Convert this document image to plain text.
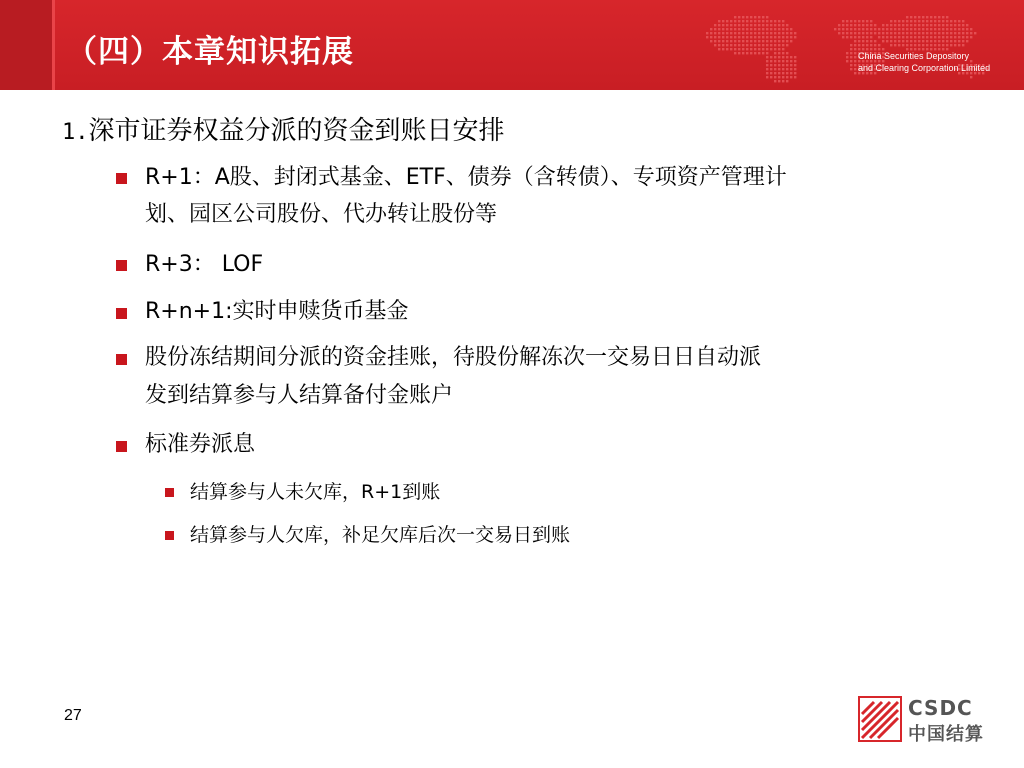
（四）本章知识拓展	China Securities Depository
and Clearing Corporation Limited
1.深市证券权益分派的资金到账日安排
R+1：A股、封闭式基金、ETF、债券（含转债）、专项资产管理计
划、园区公司股份、代办转让股份等
R+3： LOF
R+n+1:实时申赎货币基金
股份冻结期间分派的资金挂账，待股份解冻次一交易日日自动派
发到结算参与人结算备付金账户
标准券派息
结算参与人未欠库，R+1到账
结算参与人欠库，补足欠库后次一交易日到账
27	CSDC
中国结算
